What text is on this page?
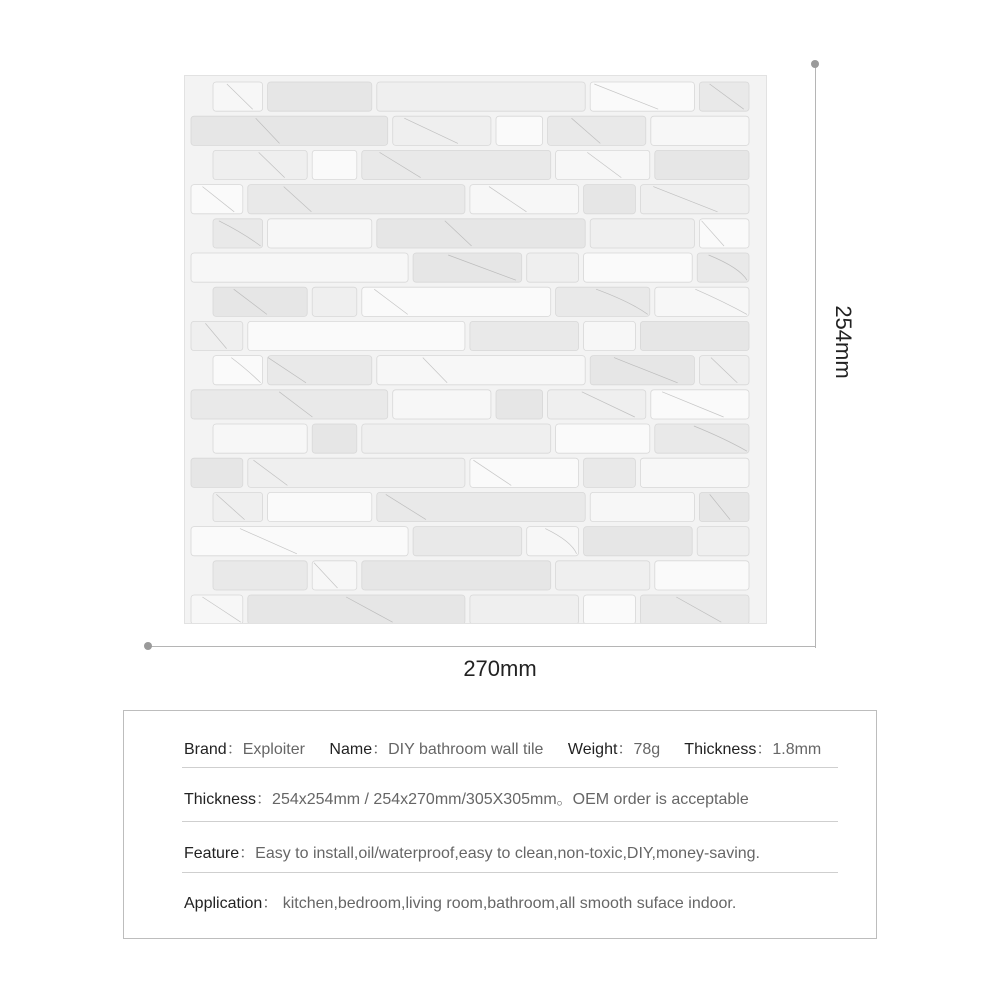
270mm
254mm
Brand：Exploiter Name：DIY bathroom wall tile Weight：78g Thickness：1.8mm
Thickness：254x254mm / 254x270mm/305X305mm。OEM order is acceptable
Feature：Easy to install,oil/waterproof,easy to clean,non-toxic,DIY,money-saving.
Application： kitchen,bedroom,living room,bathroom,all smooth suface indoor.
